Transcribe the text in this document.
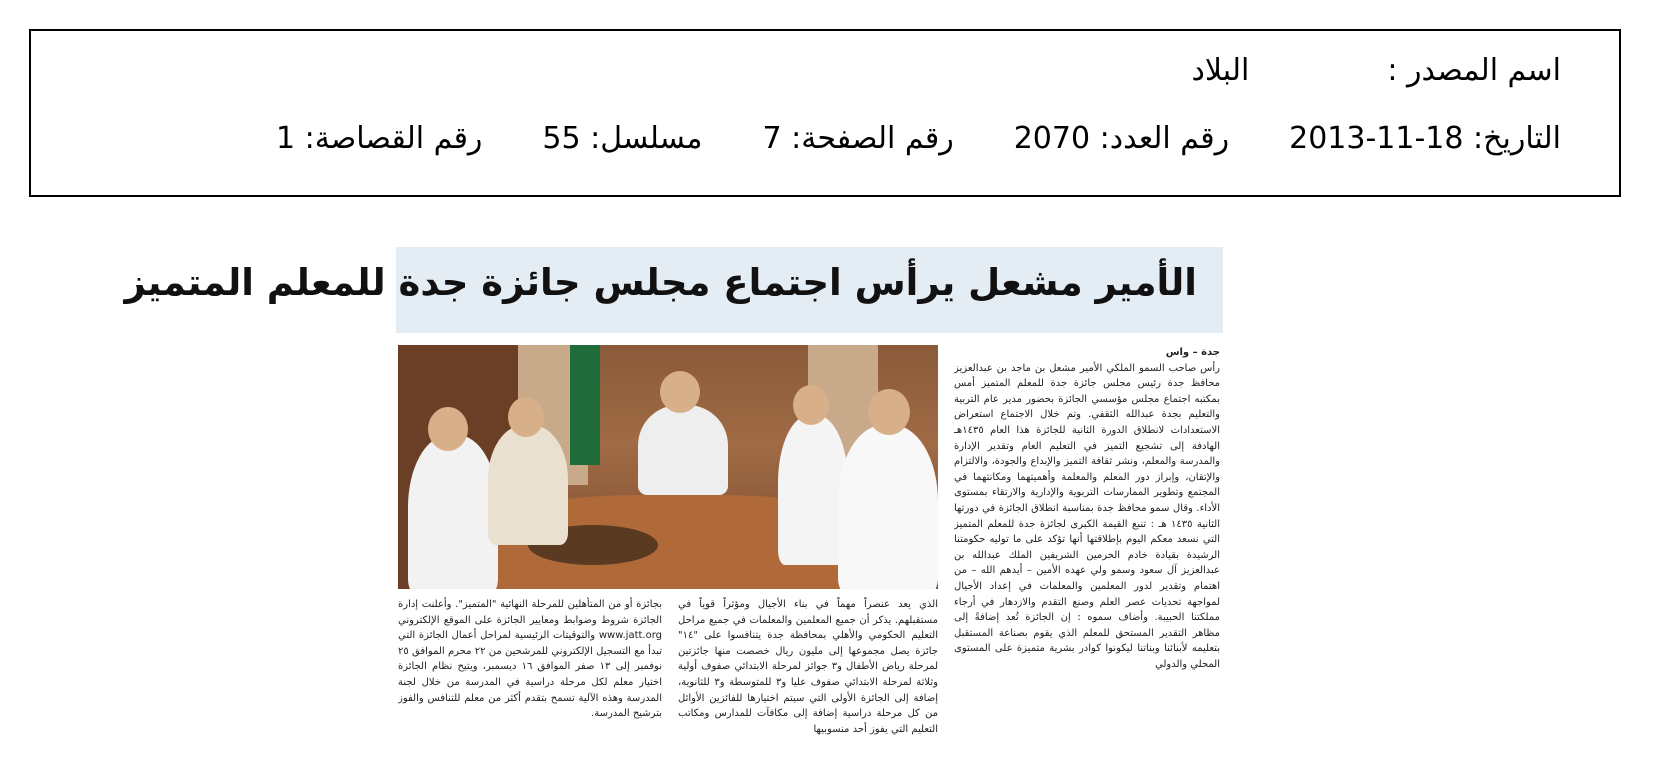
اسم المصدر :البلاد
التاريخ: 2013-11-18رقم العدد: 2070رقم الصفحة: 7مسلسل: 55رقم القصاصة: 1
الأمير مشعل يرأس اجتماع مجلس جائزة جدة للمعلم المتميز
جدة – واس

رأس صاحب السمو الملكي الأمير مشعل بن ماجد بن عبدالعزيز محافظ جدة رئيس مجلس جائزة جدة للمعلم المتميز أمس بمكتبه اجتماع مجلس مؤسسي الجائزة بحضور مدير عام التربية والتعليم بجدة عبدالله الثقفي. وتم خلال الاجتماع استعراض الاستعدادات لانطلاق الدورة الثانية للجائزة هذا العام ١٤٣٥هـ الهادفة إلى تشجيع التميز في التعليم العام وتقدير الإدارة والمدرسة والمعلم، ونشر ثقافة التميز والإبداع والجودة، والالتزام والإتقان، وإبراز دور المعلم والمعلمة وأهميتهما ومكانتهما في المجتمع وتطوير الممارسات التربوية والإدارية والارتقاء بمستوى الأداء. وقال سمو محافظ جدة بمناسبة انطلاق الجائزة في دورتها الثانية ١٤٣٥ هـ : تنبع القيمة الكبرى لجائزة جدة للمعلم المتميز التي نسعد معكم اليوم بإطلاقتها أنها تؤكد على ما توليه حكومتنا الرشيدة بقيادة خادم الحرمين الشريفين الملك عبدالله بن عبدالعزيز آل سعود وسمو ولي عهده الأمين – أيدهم الله – من اهتمام وتقدير لدور المعلمين والمعلمات في إعداد الأجيال لمواجهة تحديات عصر العلم وصنع التقدم والازدهار في أرجاء مملكتنا الحبيبة. وأضاف سموه : إن الجائزة تُعد إضافةً إلى مظاهر التقدير المستحق للمعلم الذي يقوم بصناعة المستقبل بتعليمه لأبنائنا وبناتنا ليكونوا كوادر بشرية متميزة على المستوى المحلي والدولي

الذي يعد عنصراً مهماً في بناء الأجيال ومؤثراً قوياً في مستقبلهم. يذكر أن جميع المعلمين والمعلمات في جميع مراحل التعليم الحكومي والأهلي بمحافظة جدة يتنافسوا على "١٤" جائزة يصل مجموعها إلى مليون ريال خصصت منها جائزتين لمرحلة رياض الأطفال و٣ جوائز لمرحلة الابتدائي صفوف أولية وثلاثة لمرحلة الابتدائي صفوف عليا و٣ للمتوسطة و٣ للثانوية، إضافة إلى الجائزة الأولى التي سيتم اختيارها للفائزين الأوائل من كل مرحلة دراسية إضافة إلى مكافآت للمدارس ومكاتب التعليم التي يفوز أحد منسوبيها

بجائزة أو من المتأهلين للمرحلة النهائية "المتميز". وأعلنت إدارة الجائزة شروط وضوابط ومعايير الجائزة على الموقع الإلكتروني www.jatt.org والتوقيتات الرئيسية لمراحل أعمال الجائزة التي تبدأ مع التسجيل الإلكتروني للمرشحين من ٢٢ محرم الموافق ٢٥ نوفمبر إلى ١٣ صفر الموافق ١٦ ديسمبر، ويتيح نظام الجائزة اختيار معلم لكل مرحلة دراسية في المدرسة من خلال لجنة المدرسة وهذه الآلية تسمح بتقدم أكثر من معلم للتنافس والفوز بترشيح المدرسة.
